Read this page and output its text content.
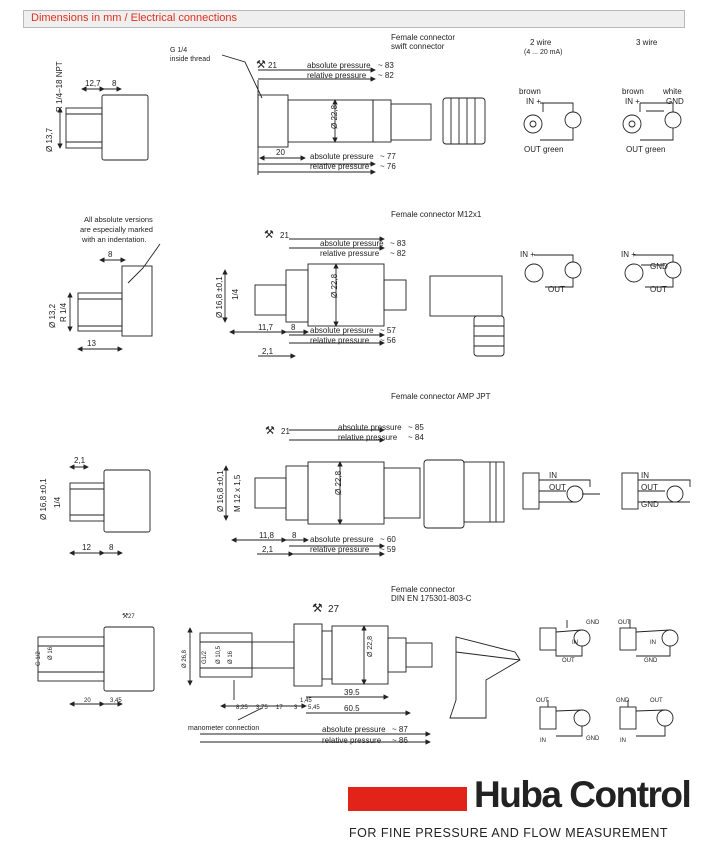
Dimensions in mm / Electrical connections
12,7 8
Ø 13,7
R 1/4–18 NPT
G 1/4
inside thread	⚒ 21
Ø 22,8
20
absolute pressure ~ 83
relative pressure ~ 82
absolute pressure ~ 77
relative pressure ~ 76
Female connector
swift connector	2 wire
(4 ... 20 mA)
brown
IN +
OUT green
3 wire
brown white
IN +	GND
OUT green
All absolute versions
are especially marked
with an indentation.
8
Ø 13,2 R 1/4
13
⚒ 21
Ø 16,8 ±0,1 1/4	Ø 22,8
11,7 8
2,1
absolute pressure ~ 83
relative pressure ~ 82
absolute pressure ~ 57
relative pressure ~ 56
Female connector M12x1
IN +
OUT
IN +
GND
OUT
2,1
Ø 16,8 ±0,1 1/4
12 8
⚒ 21
Ø 16,8 ±0,1 M 12 x 1,5	Ø 22,8
11,8 8
2,1
absolute pressure ~ 85
relative pressure ~ 84
absolute pressure ~ 60
relative pressure ~ 59
Female connector AMP JPT
IN
OUT
IN
OUT
GND
⚒ 27
G 1/2 Ø 16
20	3,45
⚒ 27
Ø 26,8 G1/2 Ø 10,5 Ø 16
Ø 22,8
39.5
60.5
8,25 3,75 17 3
1,45
5,45
manometer connection	absolute pressure ~ 87
relative pressure ~ 86
Female connector
DIN EN 175301-803-C
GND
OUT
IN
OUT
GND
IN
OUT
GND
IN
GND	OUT
IN
Huba Control
FOR FINE PRESSURE AND FLOW MEASUREMENT
